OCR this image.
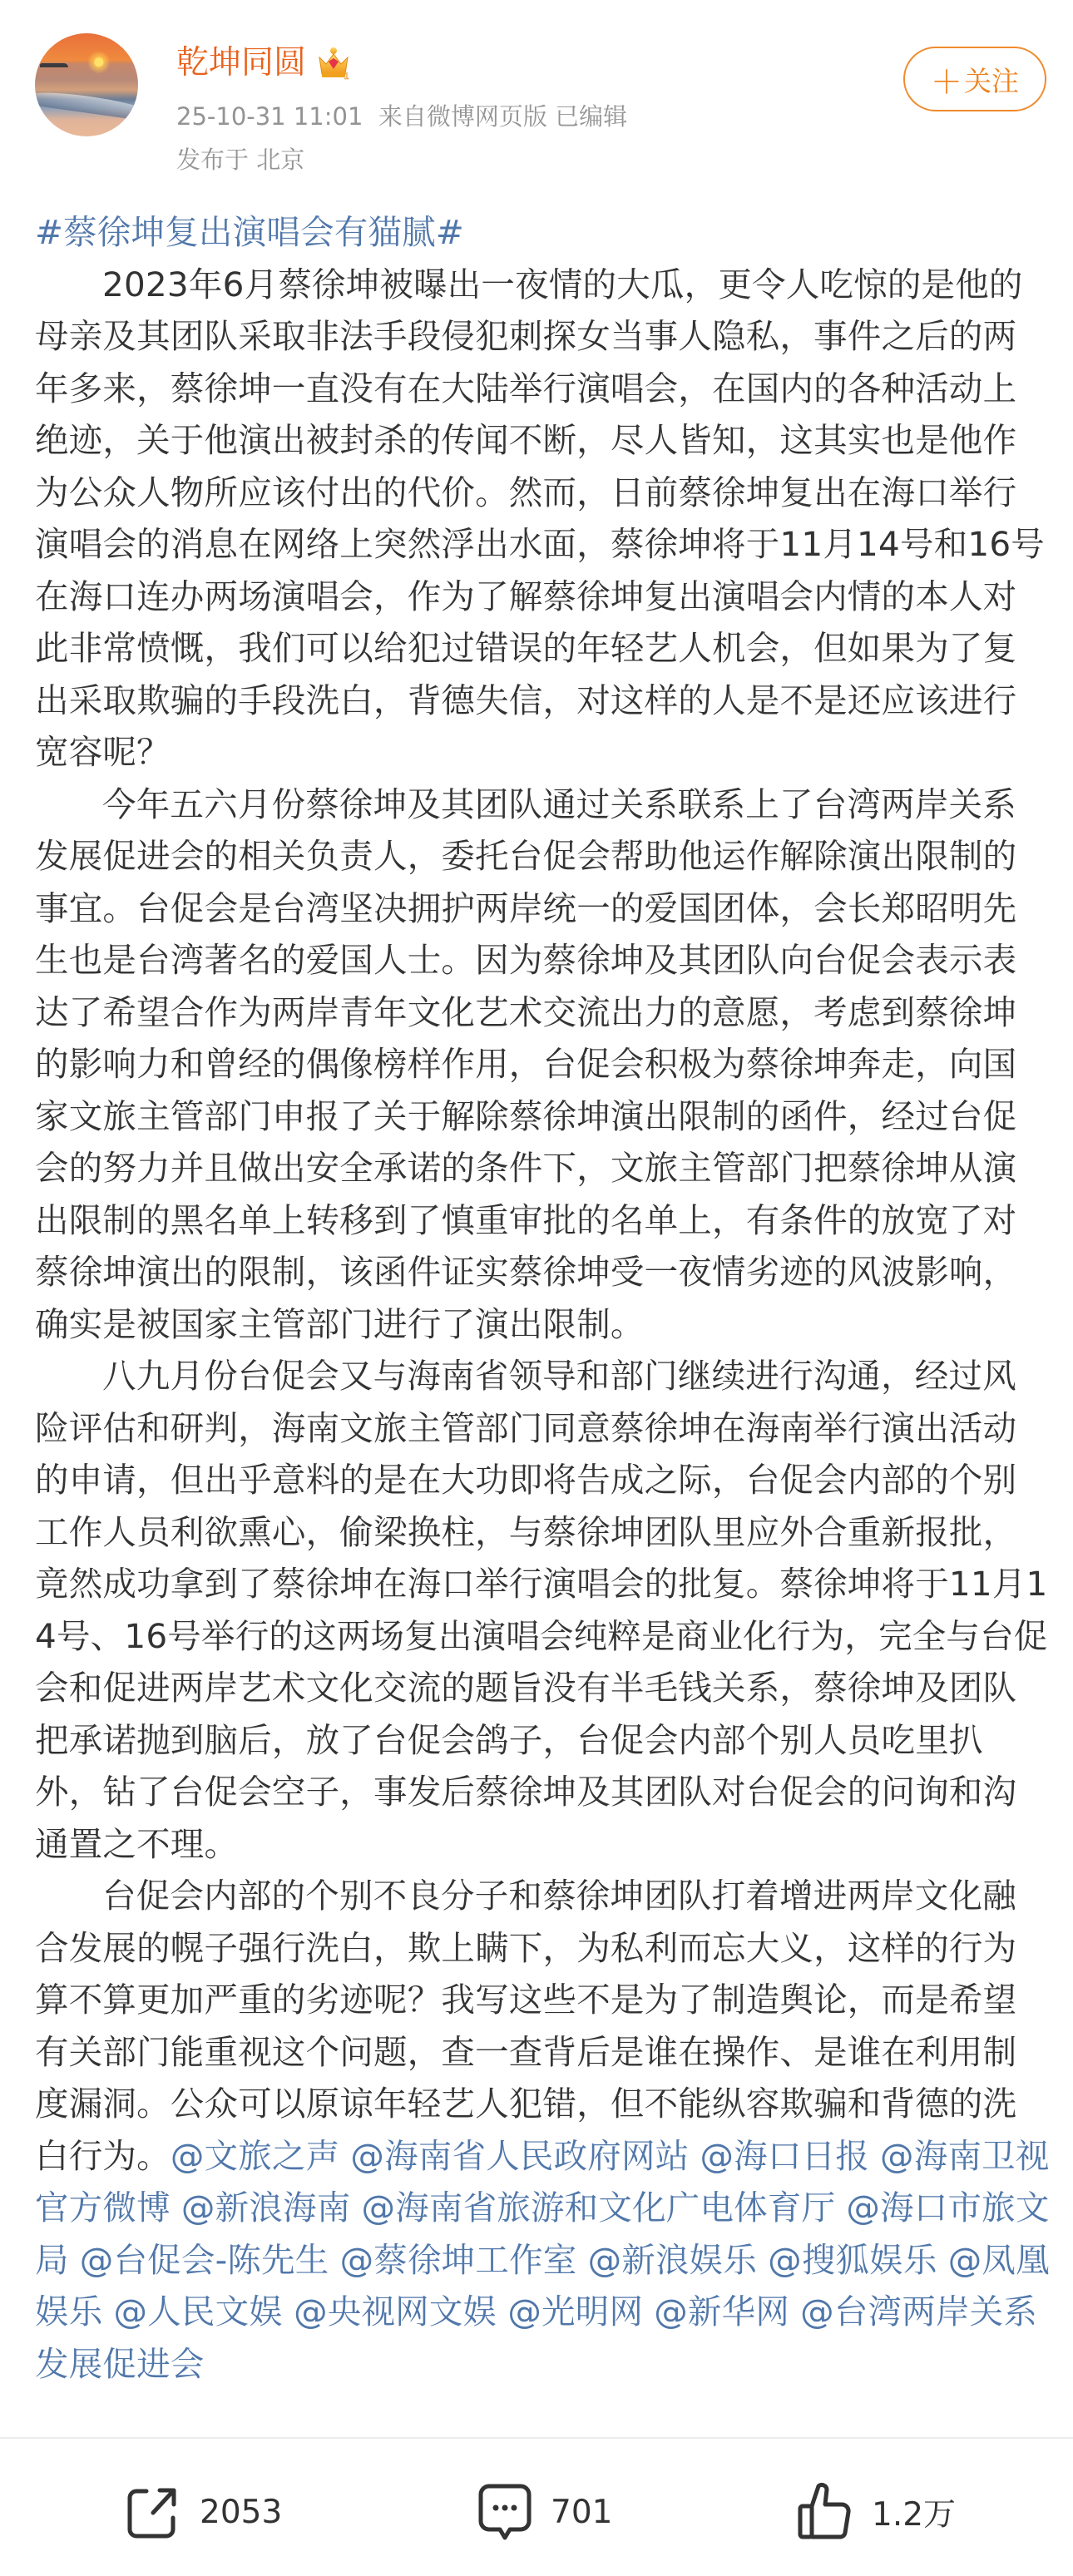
乾坤同圆	1
25-10-31 11:01 来自微博网页版 已编辑
发布于 北京
＋ 关注
#蔡徐坤复出演唱会有猫腻#

2023年6月蔡徐坤被曝出一夜情的大瓜，更令人吃惊的是他的母亲及其团队采取非法手段侵犯刺探女当事人隐私，事件之后的两年多来，蔡徐坤一直没有在大陆举行演唱会，在国内的各种活动上绝迹，关于他演出被封杀的传闻不断，尽人皆知，这其实也是他作为公众人物所应该付出的代价。然而，日前蔡徐坤复出在海口举行演唱会的消息在网络上突然浮出水面，蔡徐坤将于11月14号和16号在海口连办两场演唱会，作为了解蔡徐坤复出演唱会内情的本人对此非常愤慨，我们可以给犯过错误的年轻艺人机会，但如果为了复出采取欺骗的手段洗白，背德失信，对这样的人是不是还应该进行宽容呢？

今年五六月份蔡徐坤及其团队通过关系联系上了台湾两岸关系发展促进会的相关负责人，委托台促会帮助他运作解除演出限制的事宜。台促会是台湾坚决拥护两岸统一的爱国团体，会长郑昭明先生也是台湾著名的爱国人士。因为蔡徐坤及其团队向台促会表示表达了希望合作为两岸青年文化艺术交流出力的意愿，考虑到蔡徐坤的影响力和曾经的偶像榜样作用，台促会积极为蔡徐坤奔走，向国家文旅主管部门申报了关于解除蔡徐坤演出限制的函件，经过台促会的努力并且做出安全承诺的条件下，文旅主管部门把蔡徐坤从演出限制的黑名单上转移到了慎重审批的名单上，有条件的放宽了对蔡徐坤演出的限制，该函件证实蔡徐坤受一夜情劣迹的风波影响，确实是被国家主管部门进行了演出限制。

八九月份台促会又与海南省领导和部门继续进行沟通，经过风险评估和研判，海南文旅主管部门同意蔡徐坤在海南举行演出活动的申请，但出乎意料的是在大功即将告成之际，台促会内部的个别工作人员利欲熏心，偷梁换柱，与蔡徐坤团队里应外合重新报批，竟然成功拿到了蔡徐坤在海口举行演唱会的批复。蔡徐坤将于11月14号、16号举行的这两场复出演唱会纯粹是商业化行为，完全与台促会和促进两岸艺术文化交流的题旨没有半毛钱关系，蔡徐坤及团队把承诺抛到脑后，放了台促会鸽子，台促会内部个别人员吃里扒外，钻了台促会空子，事发后蔡徐坤及其团队对台促会的问询和沟通置之不理。

台促会内部的个别不良分子和蔡徐坤团队打着增进两岸文化融合发展的幌子强行洗白，欺上瞒下，为私利而忘大义，这样的行为算不算更加严重的劣迹呢？我写这些不是为了制造舆论，而是希望有关部门能重视这个问题，查一查背后是谁在操作、是谁在利用制度漏洞。公众可以原谅年轻艺人犯错，但不能纵容欺骗和背德的洗白行为。@文旅之声 @海南省人民政府网站 @海口日报 @海南卫视官方微博 @新浪海南 @海南省旅游和文化广电体育厅 @海口市旅文局 @台促会-陈先生 @蔡徐坤工作室 @新浪娱乐 @搜狐娱乐 @凤凰娱乐 @人民文娱 @央视网文娱 @光明网 @新华网 @台湾两岸关系发展促进会

2053	701	1.2万
